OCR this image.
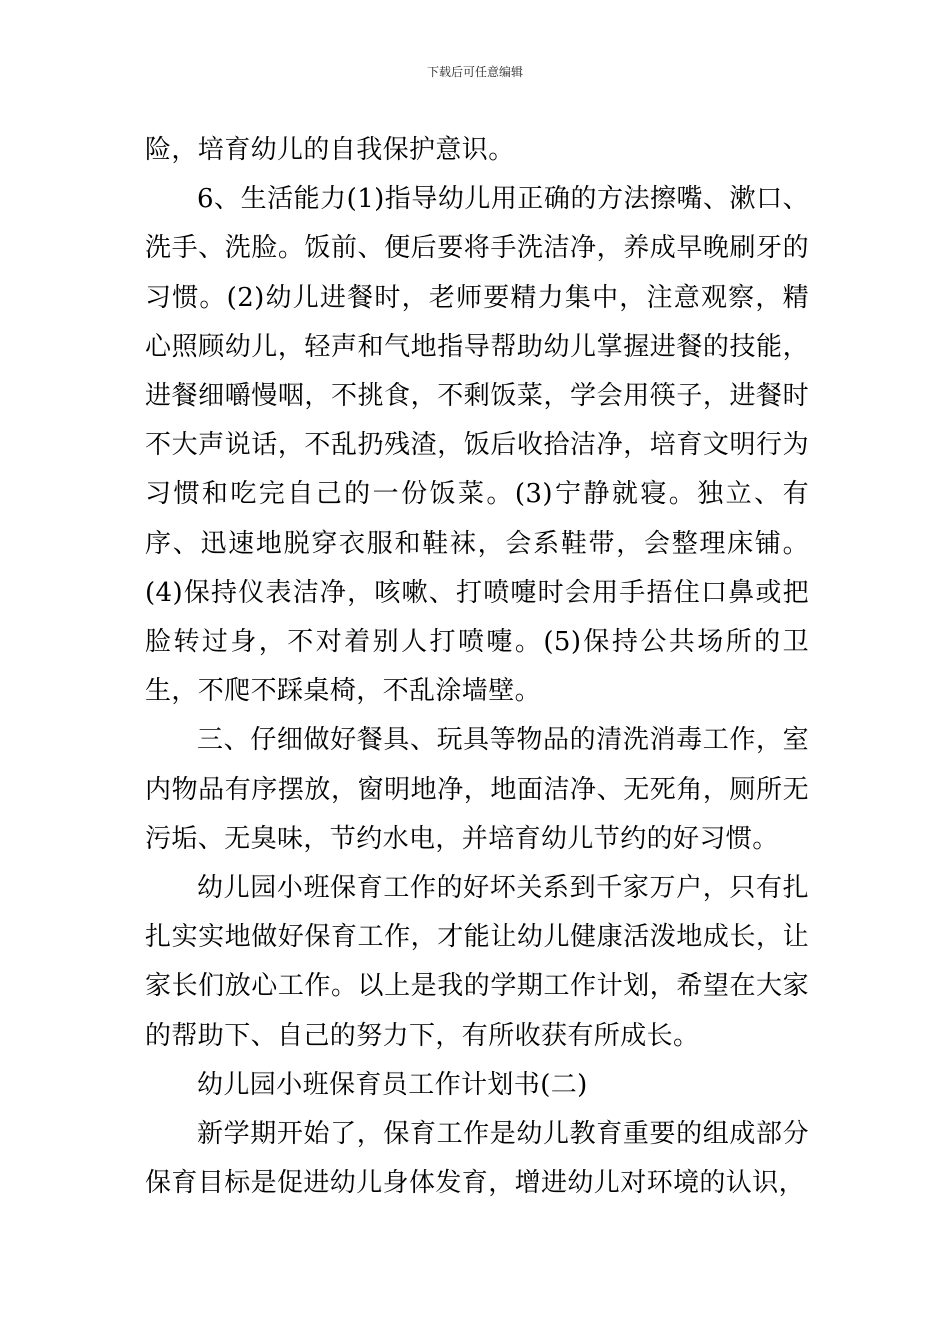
下载后可任意编辑

险，培育幼儿的自我保护意识。

6、生活能力(1)指导幼儿用正确的方法擦嘴、漱口、洗手、洗脸。饭前、便后要将手洗洁净，养成早晚刷牙的习惯。(2)幼儿进餐时，老师要精力集中，注意观察，精心照顾幼儿，轻声和气地指导帮助幼儿掌握进餐的技能，进餐细嚼慢咽，不挑食，不剩饭菜，学会用筷子，进餐时不大声说话，不乱扔残渣，饭后收拾洁净，培育文明行为习惯和吃完自己的一份饭菜。(3)宁静就寝。独立、有序、迅速地脱穿衣服和鞋袜，会系鞋带，会整理床铺。(4)保持仪表洁净，咳嗽、打喷嚏时会用手捂住口鼻或把脸转过身，不对着别人打喷嚏。(5)保持公共场所的卫生，不爬不踩桌椅，不乱涂墙壁。

三、仔细做好餐具、玩具等物品的清洗消毒工作，室内物品有序摆放，窗明地净，地面洁净、无死角，厕所无污垢、无臭味，节约水电，并培育幼儿节约的好习惯。

幼儿园小班保育工作的好坏关系到千家万户，只有扎扎实实地做好保育工作，才能让幼儿健康活泼地成长，让家长们放心工作。以上是我的学期工作计划，希望在大家的帮助下、自己的努力下，有所收获有所成长。

幼儿园小班保育员工作计划书(二)

新学期开始了，保育工作是幼儿教育重要的组成部分保育目标是促进幼儿身体发育，增进幼儿对环境的认识，
